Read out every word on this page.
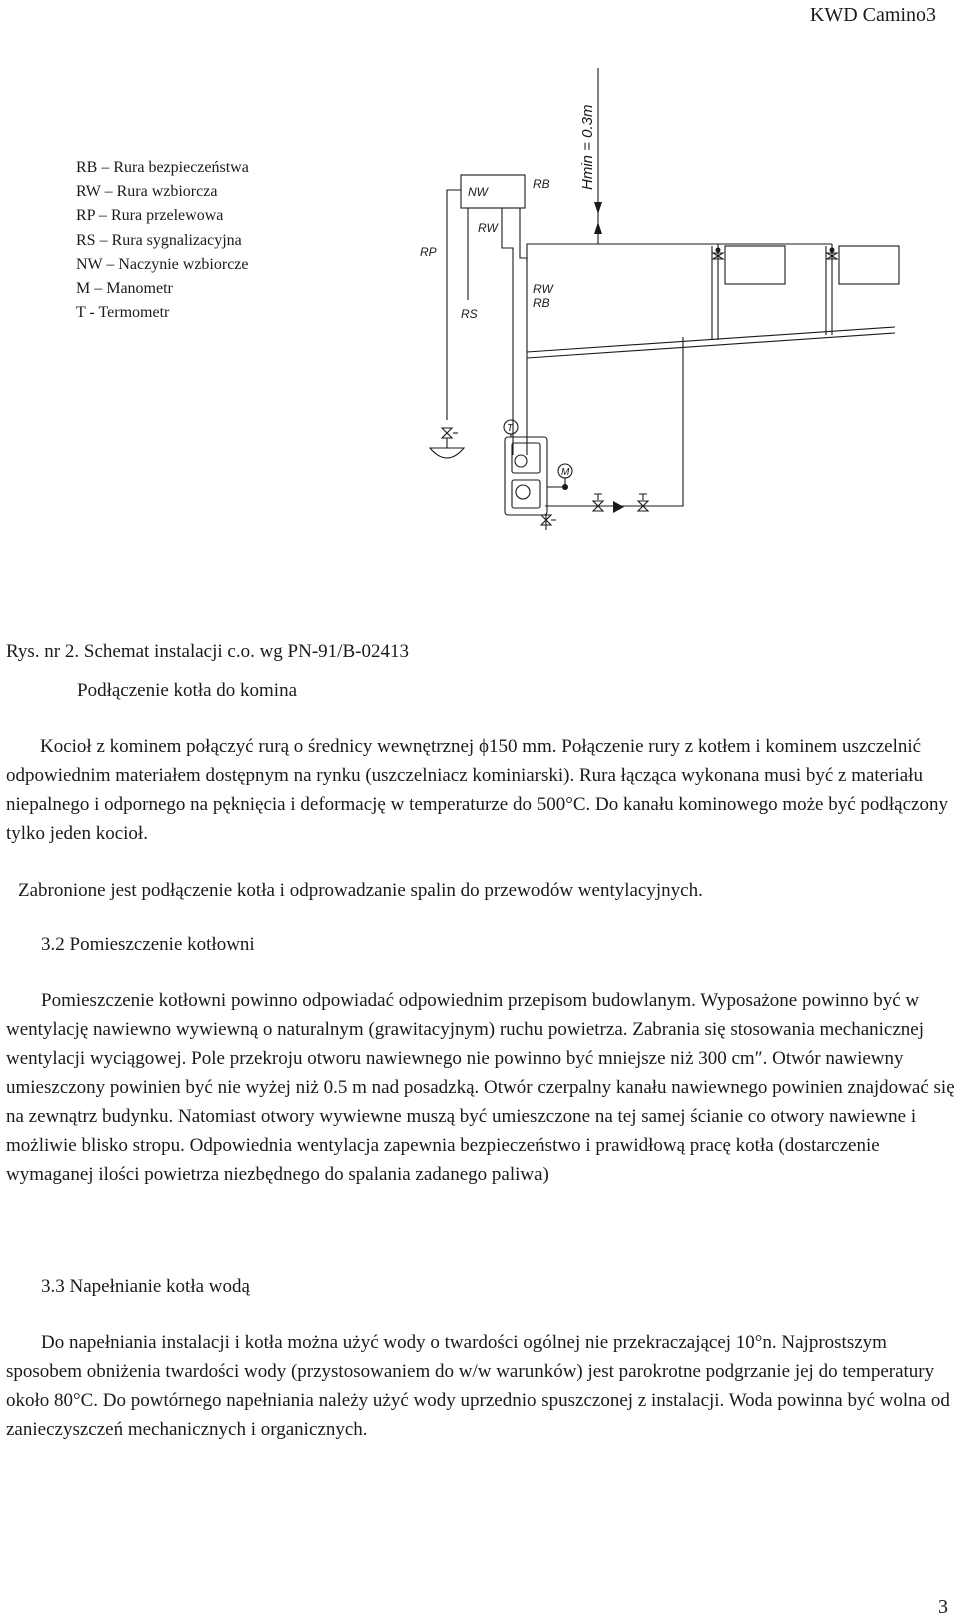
KWD Camino3
RB – Rura bezpieczeństwa
RW – Rura wzbiorcza
RP – Rura przelewowa
RS – Rura sygnalizacyjna
NW – Naczynie wzbiorcze
M – Manometr
T - Termometr
NW
RW
RB
RP
RS
RW
RB
Hmin = 0.3m
T
M

Rys. nr 2. Schemat instalacji c.o. wg PN-91/B-02413

Podłączenie kotła do komina

Kocioł z kominem połączyć rurą o średnicy wewnętrznej ϕ150 mm. Połączenie rury z kotłem i kominem uszczelnić odpowiednim materiałem dostępnym na rynku (uszczelniacz kominiarski). Rura łącząca wykonana musi być z materiału niepalnego i odpornego na pęknięcia i deformację w temperaturze do 500°C. Do kanału kominowego może być podłączony tylko jeden kocioł.

Zabronione jest podłączenie kotła i odprowadzanie spalin do przewodów wentylacyjnych.

3.2 Pomieszczenie kotłowni

Pomieszczenie kotłowni powinno odpowiadać odpowiednim przepisom budowlanym. Wyposażone powinno być w wentylację nawiewno wywiewną o naturalnym (grawitacyjnym) ruchu powietrza. Zabrania się stosowania mechanicznej wentylacji wyciągowej. Pole przekroju otworu nawiewnego nie powinno być mniejsze niż 300 cm″. Otwór nawiewny umieszczony powinien być nie wyżej niż 0.5 m nad posadzką. Otwór czerpalny kanału nawiewnego powinien znajdować się na zewnątrz budynku. Natomiast otwory wywiewne muszą być umieszczone na tej samej ścianie co otwory nawiewne i możliwie blisko stropu. Odpowiednia wentylacja zapewnia bezpieczeństwo i prawidłową pracę kotła (dostarczenie wymaganej ilości powietrza niezbędnego do spalania zadanego paliwa)

3.3 Napełnianie kotła wodą

Do napełniania instalacji i kotła można użyć wody o twardości ogólnej nie przekraczającej 10°n. Najprostszym sposobem obniżenia twardości wody (przystosowaniem do w/w warunków) jest parokrotne podgrzanie jej do temperatury około 80°C. Do powtórnego napełniania należy użyć wody uprzednio spuszczonej z instalacji. Woda powinna być wolna od zanieczyszczeń mechanicznych i organicznych.

3
